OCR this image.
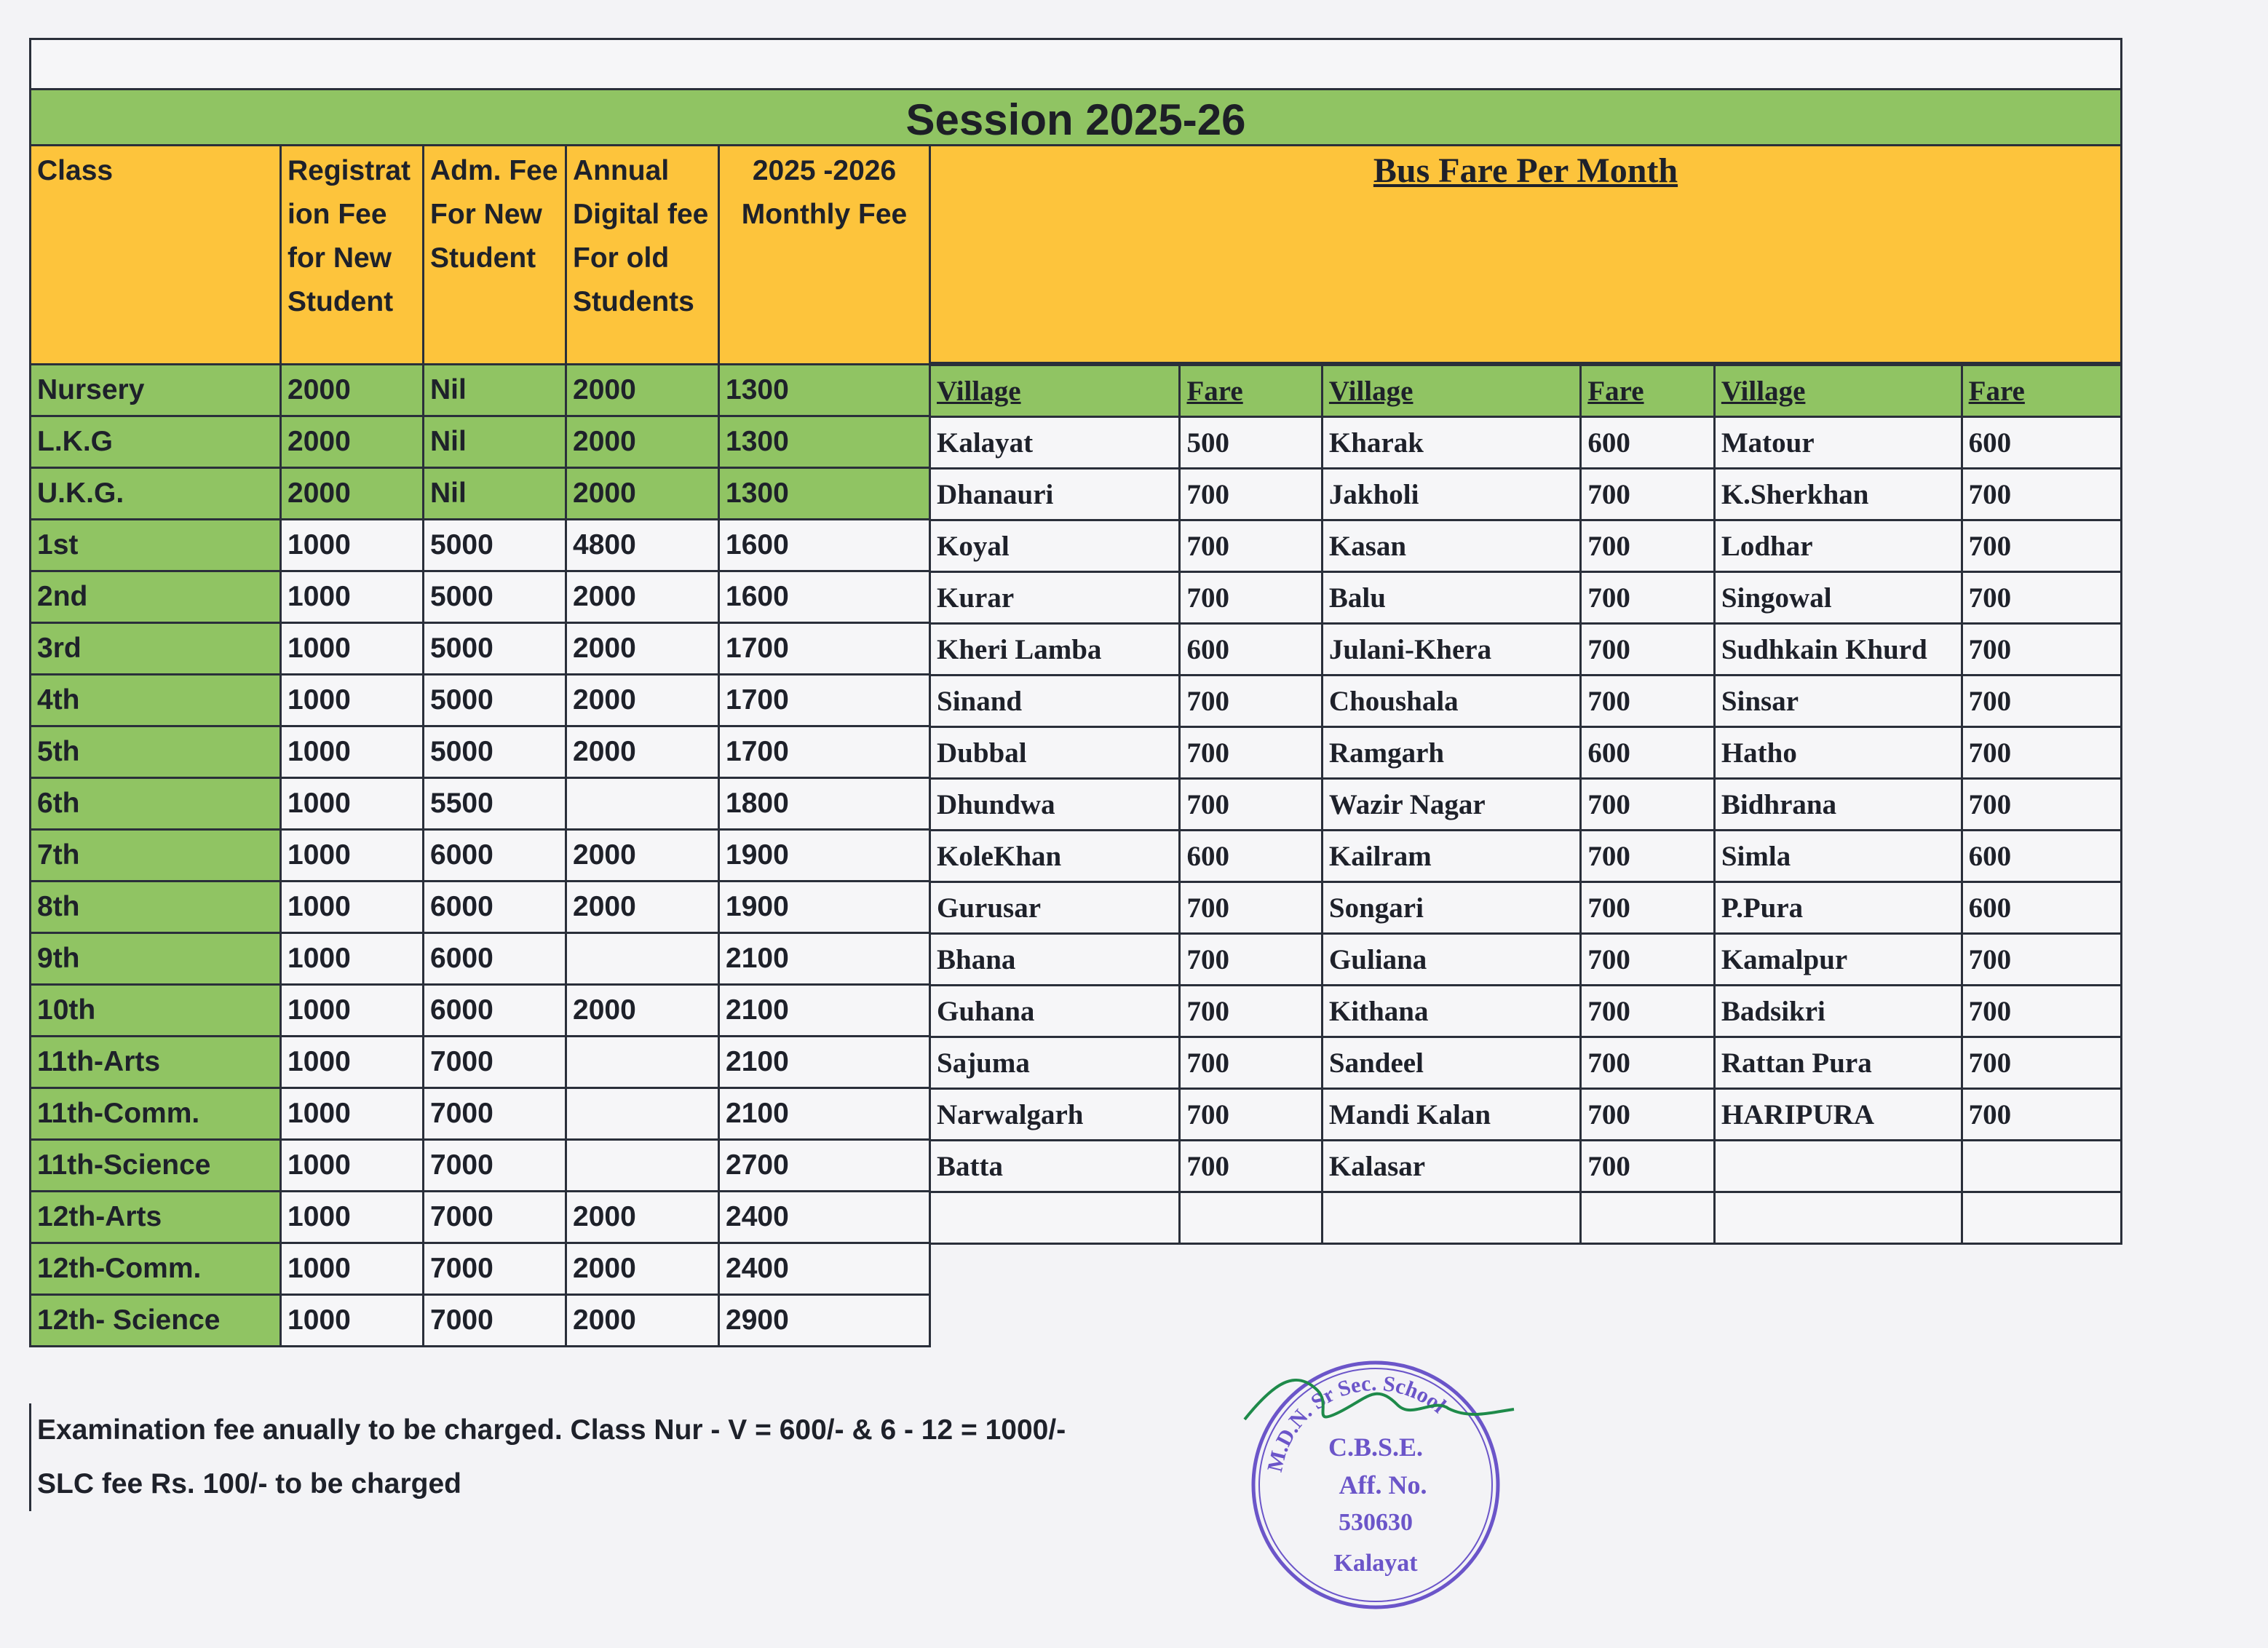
Session 2025-26
Class	Registrat ion Fee for New Student	Adm. Fee For New Student	Annual Digital fee For old Students	2025 -2026 Monthly Fee
Nursery	2000	Nil	2000	1300
L.K.G	2000	Nil	2000	1300
U.K.G.	2000	Nil	2000	1300
1st	1000	5000	4800	1600
2nd	1000	5000	2000	1600
3rd	1000	5000	2000	1700
4th	1000	5000	2000	1700
5th	1000	5000	2000	1700
6th	1000	5500		1800
7th	1000	6000	2000	1900
8th	1000	6000	2000	1900
9th	1000	6000		2100
10th	1000	6000	2000	2100
11th-Arts	1000	7000		2100
11th-Comm.	1000	7000		2100
11th-Science	1000	7000		2700
12th-Arts	1000	7000	2000	2400
12th-Comm.	1000	7000	2000	2400
12th- Science	1000	7000	2000	2900
Bus Fare Per Month
Village	Fare	Village	Fare	Village	Fare
Kalayat	500	Kharak	600	Matour	600
Dhanauri	700	Jakholi	700	K.Sherkhan	700
Koyal	700	Kasan	700	Lodhar	700
Kurar	700	Balu	700	Singowal	700
Kheri Lamba	600	Julani-Khera	700	Sudhkain Khurd	700
Sinand	700	Choushala	700	Sinsar	700
Dubbal	700	Ramgarh	600	Hatho	700
Dhundwa	700	Wazir Nagar	700	Bidhrana	700
KoleKhan	600	Kailram	700	Simla	600
Gurusar	700	Songari	700	P.Pura	600
Bhana	700	Guliana	700	Kamalpur	700
Guhana	700	Kithana	700	Badsikri	700
Sajuma	700	Sandeel	700	Rattan Pura	700
Narwalgarh	700	Mandi Kalan	700	HARIPURA	700
Batta	700	Kalasar	700		

Examination fee anually to be charged. Class Nur - V = 600/- & 6 - 12 = 1000/-
SLC fee Rs. 100/- to be charged
M.D.N. Sr Sec. School
C.B.S.E.
Aff. No.
530630
Kalayat
